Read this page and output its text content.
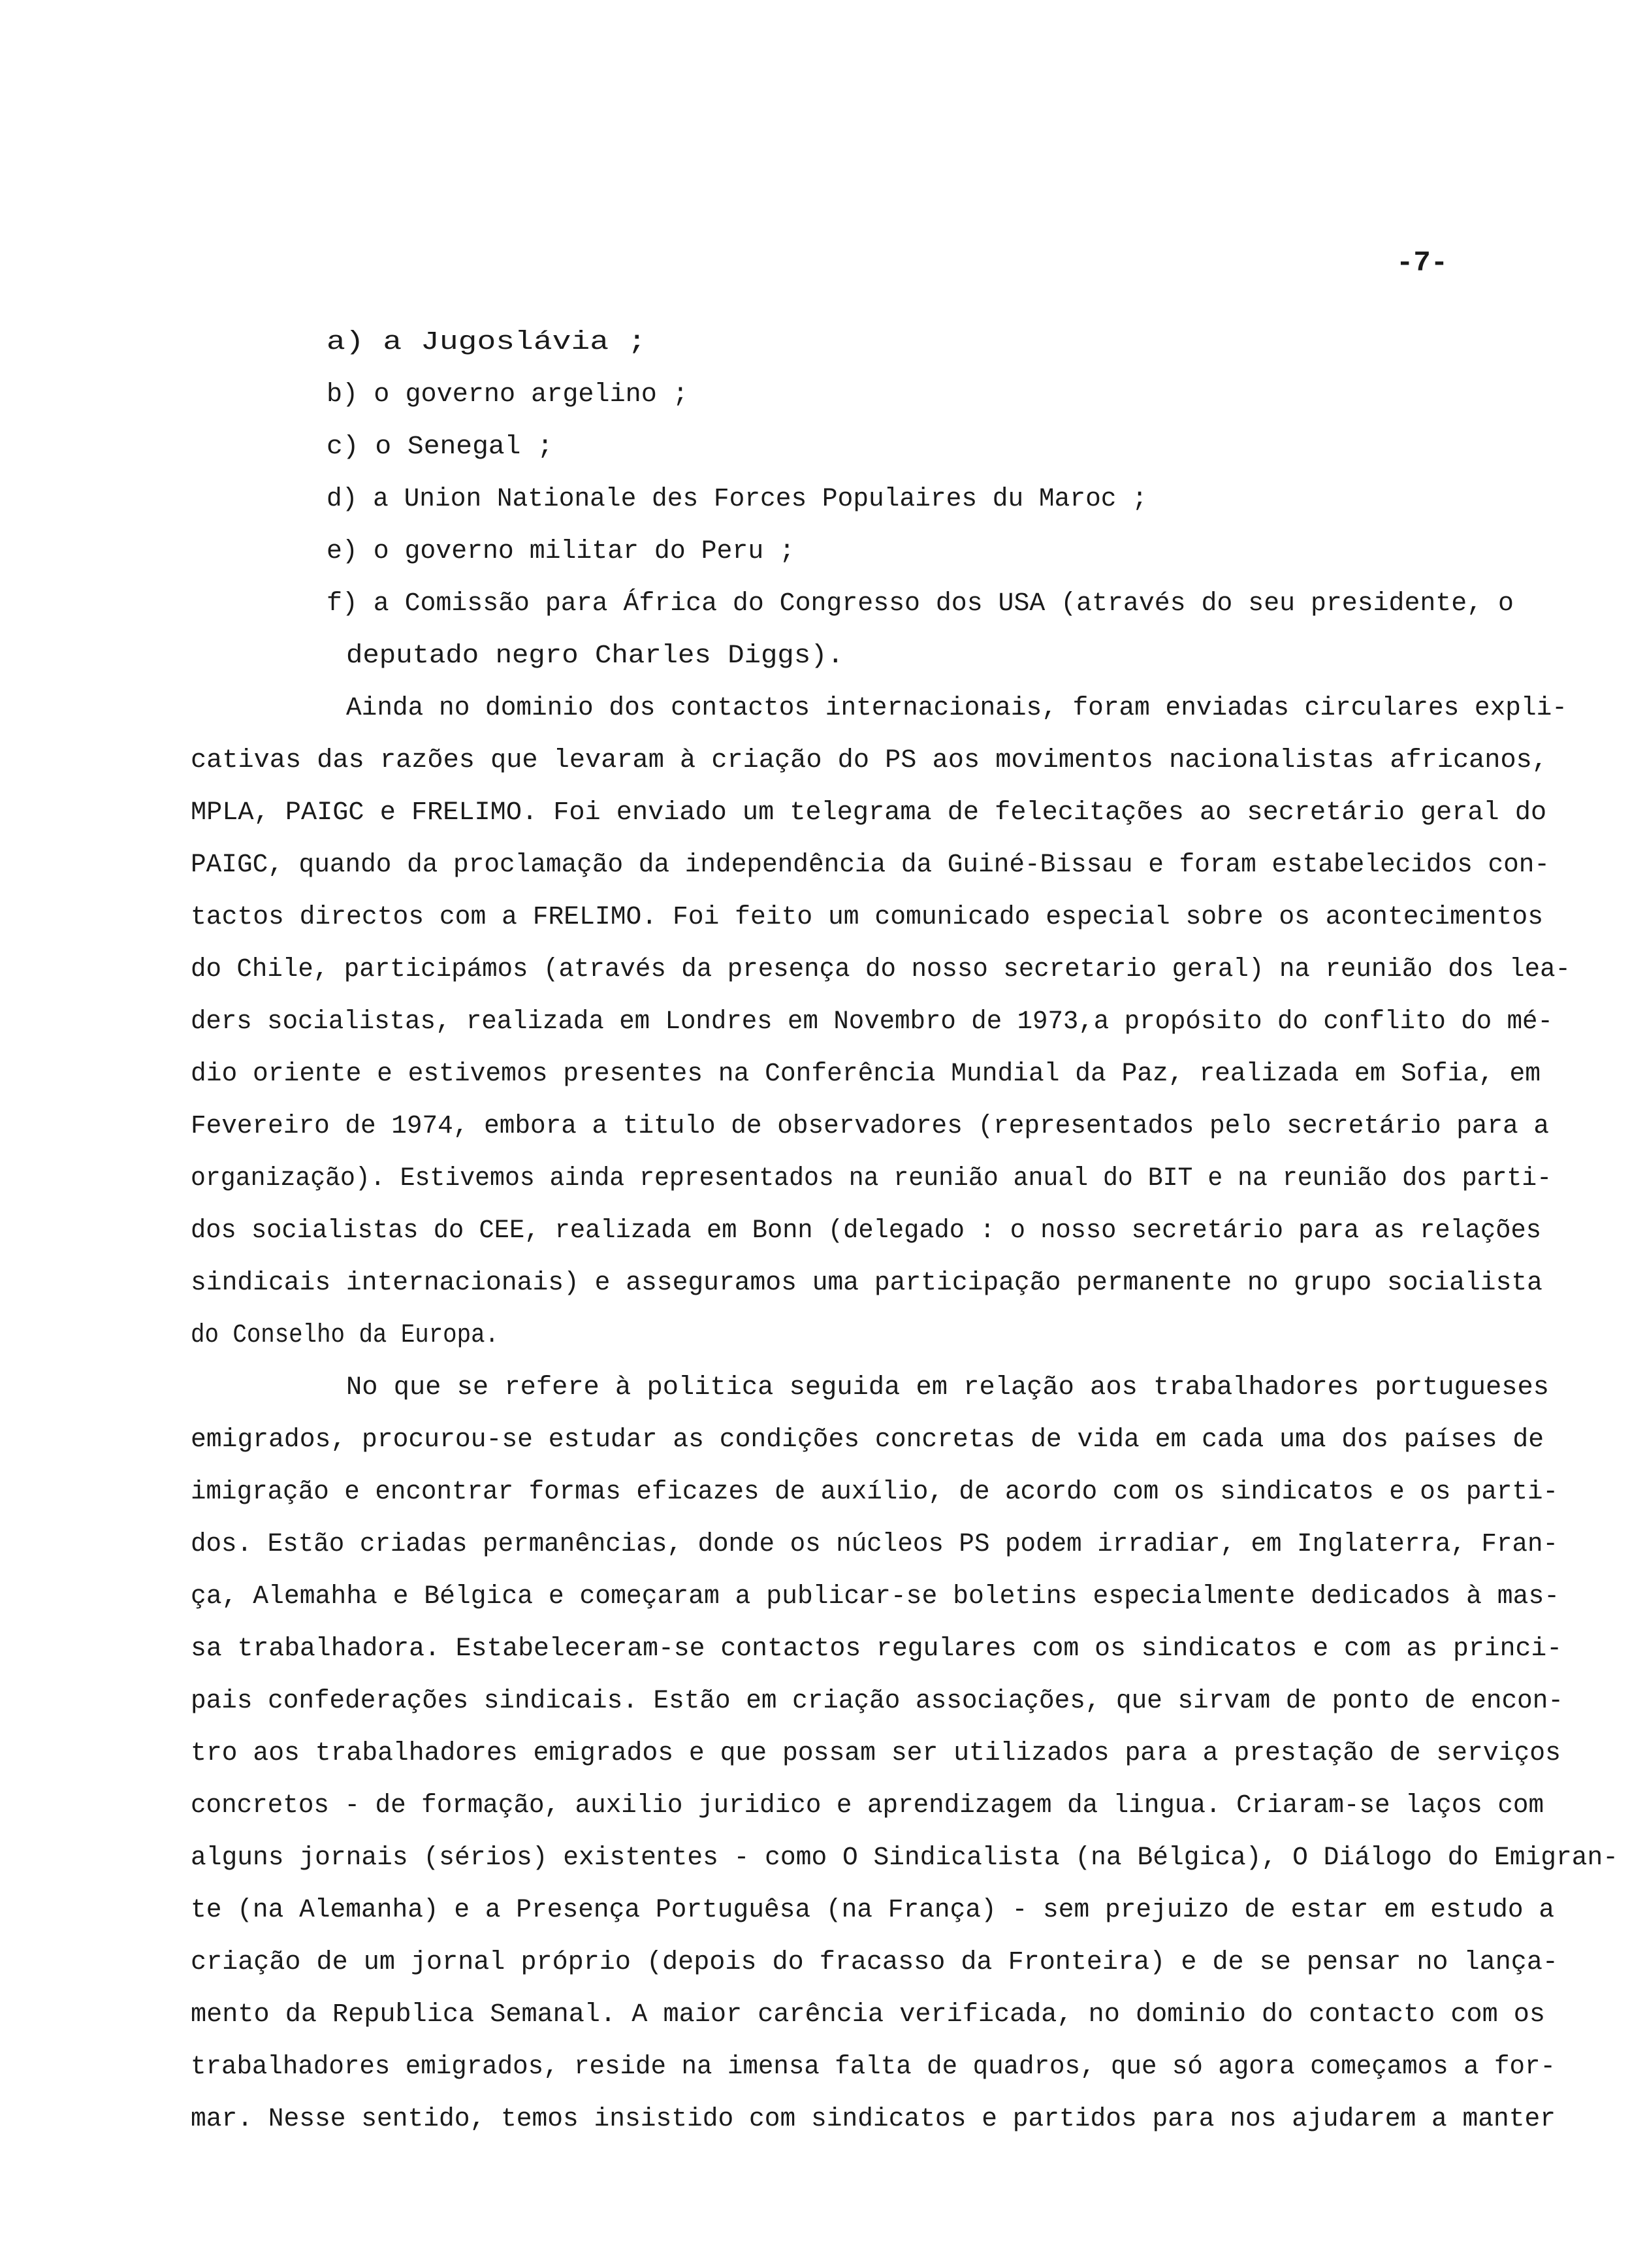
-7-
a) a Jugoslávia ;
b) o governo argelino ;
c) o Senegal ;
d) a Union Nationale des Forces Populaires du Maroc ;
e) o governo militar do Peru ;
f) a Comissão para África do Congresso dos USA (através do seu presidente, o
deputado negro Charles Diggs).
Ainda no dominio dos contactos internacionais, foram enviadas circulares expli-
cativas das razões que levaram à criação do PS aos movimentos nacionalistas africanos,
MPLA, PAIGC e FRELIMO. Foi enviado um telegrama de felecitações ao secretário geral do
PAIGC, quando da proclamação da independência da Guiné-Bissau e foram estabelecidos con-
tactos directos com a FRELIMO. Foi feito um comunicado especial sobre os acontecimentos
do Chile, participámos (através da presença do nosso secretario geral) na reunião dos lea-
ders socialistas, realizada em Londres em Novembro de 1973,a propósito do conflito do mé-
dio oriente e estivemos presentes na Conferência Mundial da Paz, realizada em Sofia, em
Fevereiro de 1974, embora a titulo de observadores (representados pelo secretário para a
organização). Estivemos ainda representados na reunião anual do BIT e na reunião dos parti-
dos socialistas do CEE, realizada em Bonn (delegado : o nosso secretário para as relações
sindicais internacionais) e asseguramos uma participação permanente no grupo socialista
do Conselho da Europa.
No que se refere à politica seguida em relação aos trabalhadores portugueses
emigrados, procurou-se estudar as condições concretas de vida em cada uma dos países de
imigração e encontrar formas eficazes de auxílio, de acordo com os sindicatos e os parti-
dos. Estão criadas permanências, donde os núcleos PS podem irradiar, em Inglaterra, Fran-
ça, Alemahha e Bélgica e começaram a publicar-se boletins especialmente dedicados à mas-
sa trabalhadora. Estabeleceram-se contactos regulares com os sindicatos e com as princi-
pais confederações sindicais. Estão em criação associações, que sirvam de ponto de encon-
tro aos trabalhadores emigrados e que possam ser utilizados para a prestação de serviços
concretos - de formação, auxilio juridico e aprendizagem da lingua. Criaram-se laços com
alguns jornais (sérios) existentes - como O Sindicalista (na Bélgica), O Diálogo do Emigran-
te (na Alemanha) e a Presença Portuguêsa (na França) - sem prejuizo de estar em estudo a
criação de um jornal próprio (depois do fracasso da Fronteira) e de se pensar no lança-
mento da Republica Semanal. A maior carência verificada, no dominio do contacto com os
trabalhadores emigrados, reside na imensa falta de quadros, que só agora começamos a for-
mar. Nesse sentido, temos insistido com sindicatos e partidos para nos ajudarem a manter
